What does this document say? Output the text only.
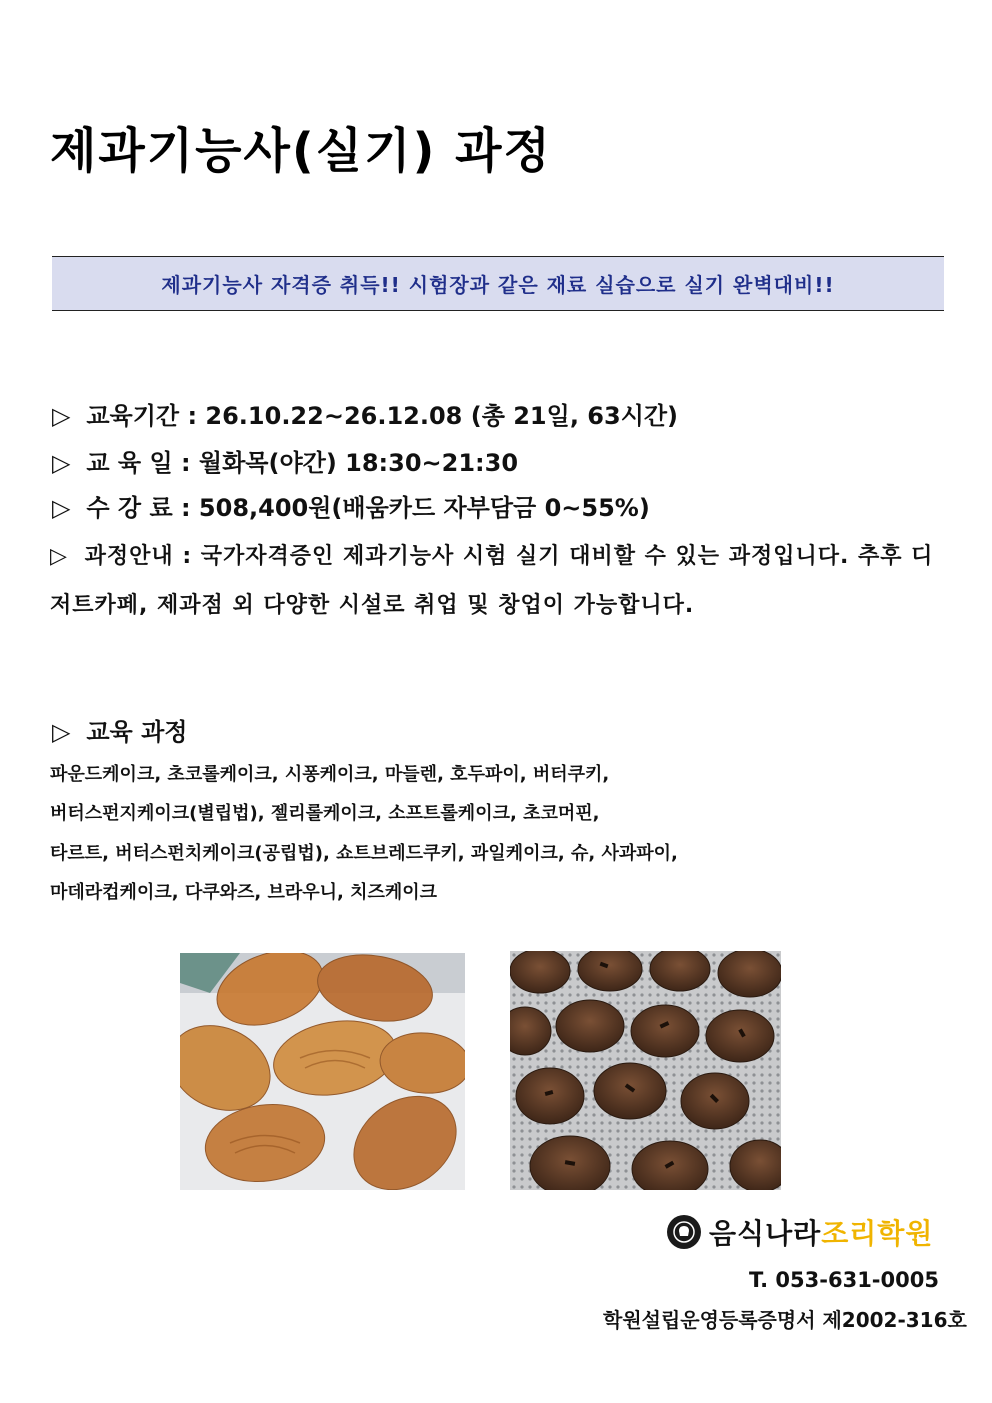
제과기능사(실기) 과정
제과기능사 자격증 취득!! 시험장과 같은 재료 실습으로 실기 완벽대비!!
▷ 교육기간 : 26.10.22~26.12.08 (총 21일, 63시간)
▷ 교 육 일 : 월화목(야간) 18:30~21:30
▷ 수 강 료 : 508,400원(배움카드 자부담금 0~55%)
▷ 과정안내 : 국가자격증인 제과기능사 시험 실기 대비할 수 있는 과정입니다. 추후 디저트카페, 제과점 외 다양한 시설로 취업 및 창업이 가능합니다.
▷ 교육 과정
파운드케이크, 초코롤케이크, 시퐁케이크, 마들렌, 호두파이, 버터쿠키,
버터스펀지케이크(별립법), 젤리롤케이크, 소프트롤케이크, 초코머핀,
타르트, 버터스펀치케이크(공립법), 쇼트브레드쿠키, 과일케이크, 슈, 사과파이,
마데라컵케이크, 다쿠와즈, 브라우니, 치즈케이크
음식나라조리학원
T. 053-631-0005
학원설립운영등록증명서 제2002-316호
